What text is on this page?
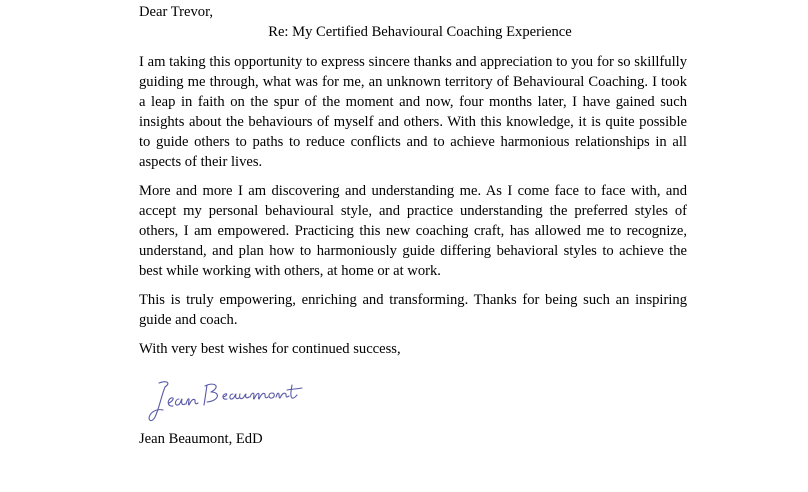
Dear Trevor,

Re: My Certified Behavioural Coaching Experience

I am taking this opportunity to express sincere thanks and appreciation to you for so skillfully guiding me through, what was for me, an unknown territory of Behavioural Coaching. I took a leap in faith on the spur of the moment and now, four months later, I have gained such insights about the behaviours of myself and others. With this knowledge, it is quite possible to guide others to paths to reduce conflicts and to achieve harmonious relationships in all aspects of their lives.

More and more I am discovering and understanding me. As I come face to face with, and accept my personal behavioural style, and practice understanding the preferred styles of others, I am empowered. Practicing this new coaching craft, has allowed me to recognize, understand, and plan how to harmoniously guide differing behavioral styles to achieve the best while working with others, at home or at work.

This is truly empowering, enriching and transforming. Thanks for being such an inspiring guide and coach.

With very best wishes for continued success,

Jean Beaumont, EdD
